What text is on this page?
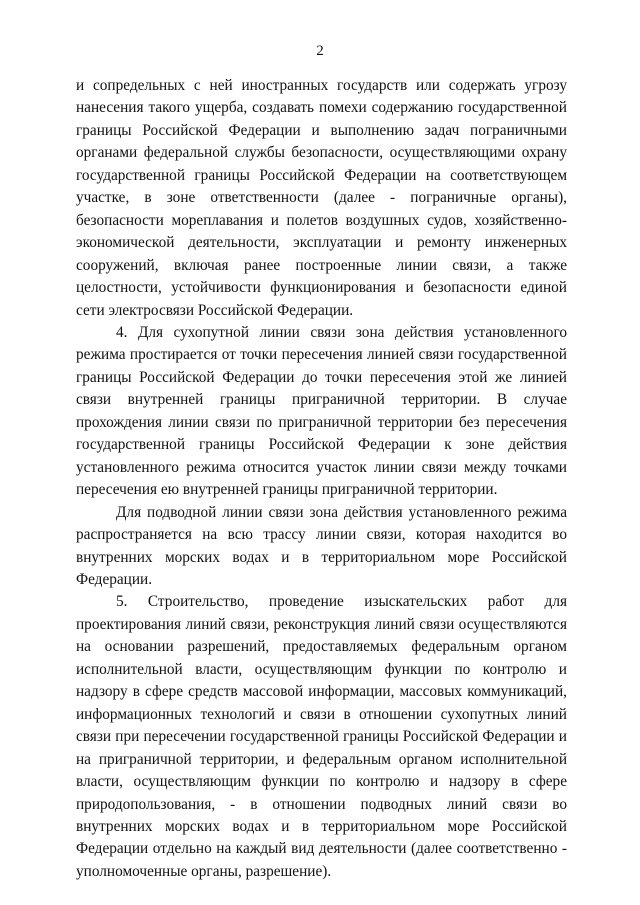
2

и сопредельных с ней иностранных государств или содержать угрозу нанесения такого ущерба, создавать помехи содержанию государственной границы Российской Федерации и выполнению задач пограничными органами федеральной службы безопасности, осуществляющими охрану государственной границы Российской Федерации на соответствующем участке, в зоне ответственности (далее - пограничные органы), безопасности мореплавания и полетов воздушных судов, хозяйственно-экономической деятельности, эксплуатации и ремонту инженерных сооружений, включая ранее построенные линии связи, а также целостности, устойчивости функционирования и безопасности единой сети электросвязи Российской Федерации.

4. Для сухопутной линии связи зона действия установленного режима простирается от точки пересечения линией связи государственной границы Российской Федерации до точки пересечения этой же линией связи внутренней границы приграничной территории. В случае прохождения линии связи по приграничной территории без пересечения государственной границы Российской Федерации к зоне действия установленного режима относится участок линии связи между точками пересечения ею внутренней границы приграничной территории.

Для подводной линии связи зона действия установленного режима распространяется на всю трассу линии связи, которая находится во внутренних морских водах и в территориальном море Российской Федерации.

5. Строительство, проведение изыскательских работ для проектирования линий связи, реконструкция линий связи осуществляются на основании разрешений, предоставляемых федеральным органом исполнительной власти, осуществляющим функции по контролю и надзору в сфере средств массовой информации, массовых коммуникаций, информационных технологий и связи в отношении сухопутных линий связи при пересечении государственной границы Российской Федерации и на приграничной территории, и федеральным органом исполнительной власти, осуществляющим функции по контролю и надзору в сфере природопользования, - в отношении подводных линий связи во внутренних морских водах и в территориальном море Российской Федерации отдельно на каждый вид деятельности (далее соответственно - уполномоченные органы, разрешение).
